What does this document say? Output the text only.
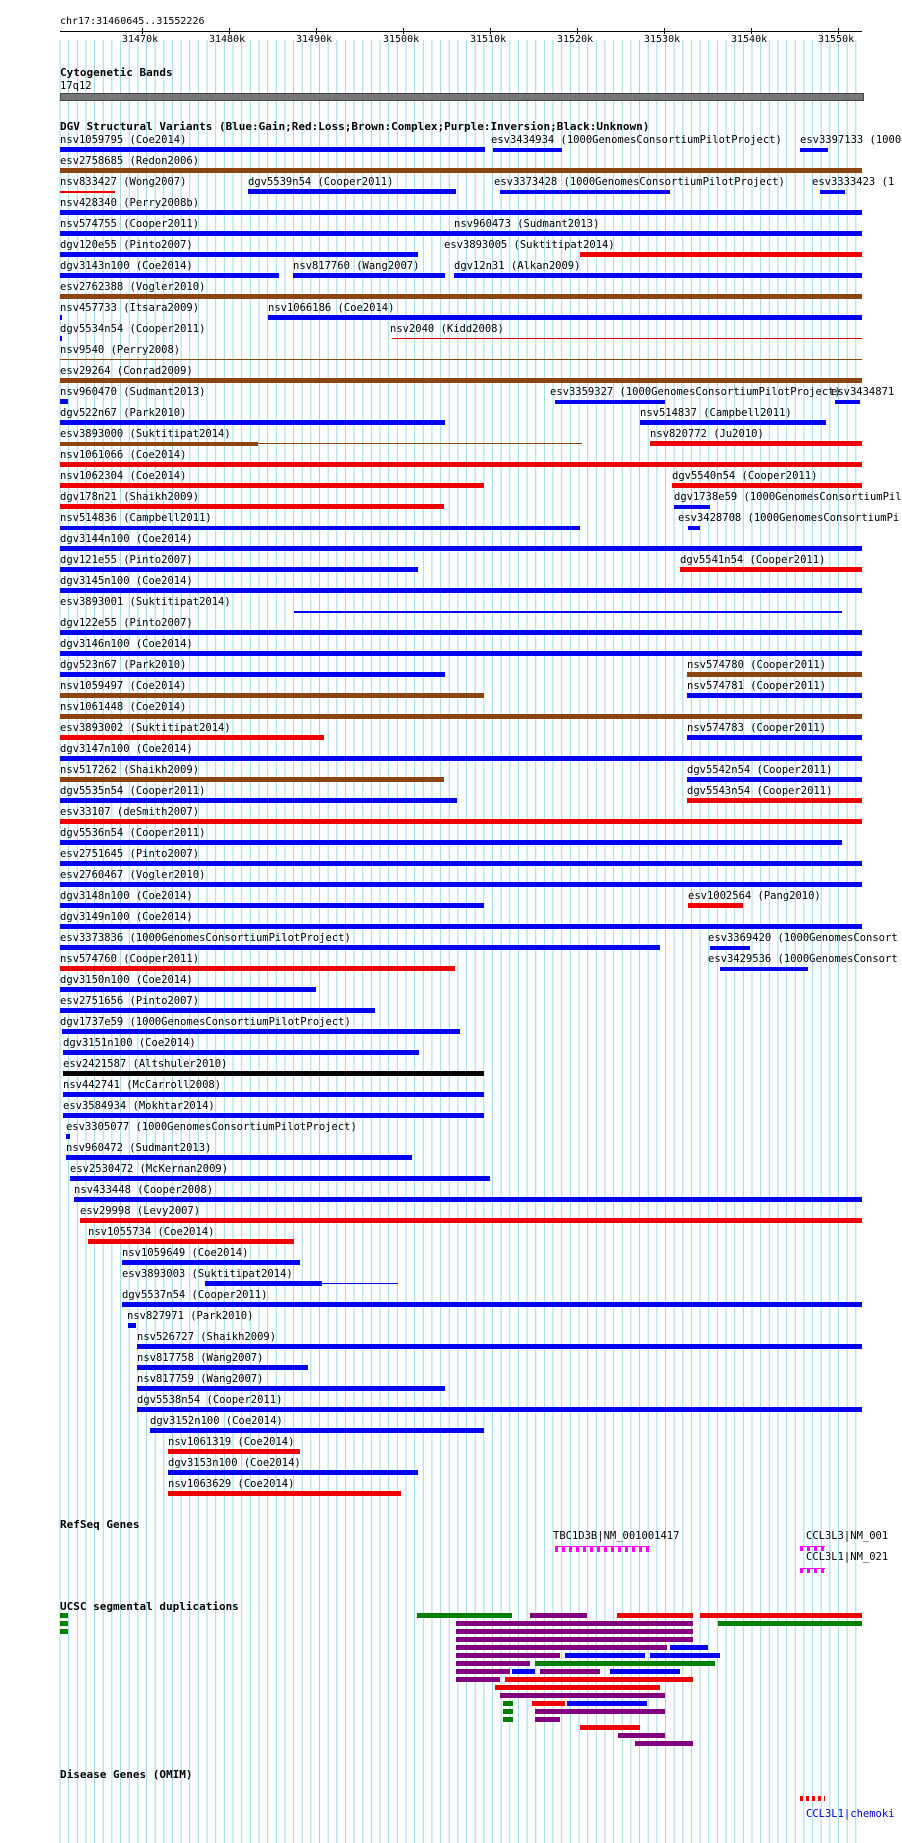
chr17:31460645..31552226
31470k	31480k	31490k	31500k	31510k	31520k	31530k	31540k	31550k
Cytogenetic Bands
17q12
DGV Structural Variants (Blue:Gain;Red:Loss;Brown:Complex;Purple:Inversion;Black:Unknown)
nsv1059795 (Coe2014)	esv3434934 (1000GenomesConsortiumPilotProject) esv3397133 (1000
esv2758685 (Redon2006)
nsv833427 (Wong2007)	dgv5539n54 (Cooper2011)	esv3373428 (1000GenomesConsortiumPilotProject)	esv3333423 (1
nsv428340 (Perry2008b)
nsv574755 (Cooper2011)	nsv960473 (Sudmant2013)
dgv120e55 (Pinto2007)	esv3893005 (Suktitipat2014)
dgv3143n100 (Coe2014)	nsv817760 (Wang2007)	dgv12n31 (Alkan2009)
esv2762388 (Vogler2010)
nsv457733 (Itsara2009)	nsv1066186 (Coe2014)
dgv5534n54 (Cooper2011)	nsv2040 (Kidd2008)
nsv9540 (Perry2008)
esv29264 (Conrad2009)
nsv960470 (Sudmant2013)	esv3359327 (1000GenomesConsortiumPilotProject)
esv3434871
dgv522n67 (Park2010)	nsv514837 (Campbell2011)
esv3893000 (Suktitipat2014)	nsv820772 (Ju2010)
nsv1061066 (Coe2014)
nsv1062304 (Coe2014)	dgv5540n54 (Cooper2011)
dgv178n21 (Shaikh2009)	dgv1738e59 (1000GenomesConsortiumPil
nsv514836 (Campbell2011)	esv3428708 (1000GenomesConsortiumPi
dgv3144n100 (Coe2014)
dgv121e55 (Pinto2007)	dgv5541n54 (Cooper2011)
dgv3145n100 (Coe2014)
esv3893001 (Suktitipat2014)
dgv122e55 (Pinto2007)
dgv3146n100 (Coe2014)
dgv523n67 (Park2010)	nsv574780 (Cooper2011)
nsv1059497 (Coe2014)	nsv574781 (Cooper2011)
nsv1061448 (Coe2014)
esv3893002 (Suktitipat2014)	nsv574783 (Cooper2011)
dgv3147n100 (Coe2014)
nsv517262 (Shaikh2009)	dgv5542n54 (Cooper2011)
dgv5535n54 (Cooper2011)	dgv5543n54 (Cooper2011)
esv33107 (deSmith2007)
dgv5536n54 (Cooper2011)
esv2751645 (Pinto2007)
esv2760467 (Vogler2010)
dgv3148n100 (Coe2014)	esv1002564 (Pang2010)
dgv3149n100 (Coe2014)
esv3373836 (1000GenomesConsortiumPilotProject)	esv3369420 (1000GenomesConsort
nsv574760 (Cooper2011)	esv3429536 (1000GenomesConsort
dgv3150n100 (Coe2014)
esv2751656 (Pinto2007)
dgv1737e59 (1000GenomesConsortiumPilotProject)
dgv3151n100 (Coe2014)
esv2421587 (Altshuler2010)
nsv442741 (McCarroll2008)
esv3584934 (Mokhtar2014)
esv3305077 (1000GenomesConsortiumPilotProject)
nsv960472 (Sudmant2013)
esv2530472 (McKernan2009)
nsv433448 (Cooper2008)
esv29998 (Levy2007)
nsv1055734 (Coe2014)
nsv1059649 (Coe2014)
esv3893003 (Suktitipat2014)
dgv5537n54 (Cooper2011)
nsv827971 (Park2010)
nsv526727 (Shaikh2009)
nsv817758 (Wang2007)
nsv817759 (Wang2007)
dgv5538n54 (Cooper2011)
dgv3152n100 (Coe2014)
nsv1061319 (Coe2014)
dgv3153n100 (Coe2014)
nsv1063629 (Coe2014)
RefSeq Genes
TBC1D3B|NM_001001417	CCL3L3|NM_001
CCL3L1|NM_021
UCSC segmental duplications
Disease Genes (OMIM)
CCL3L1|chemoki
